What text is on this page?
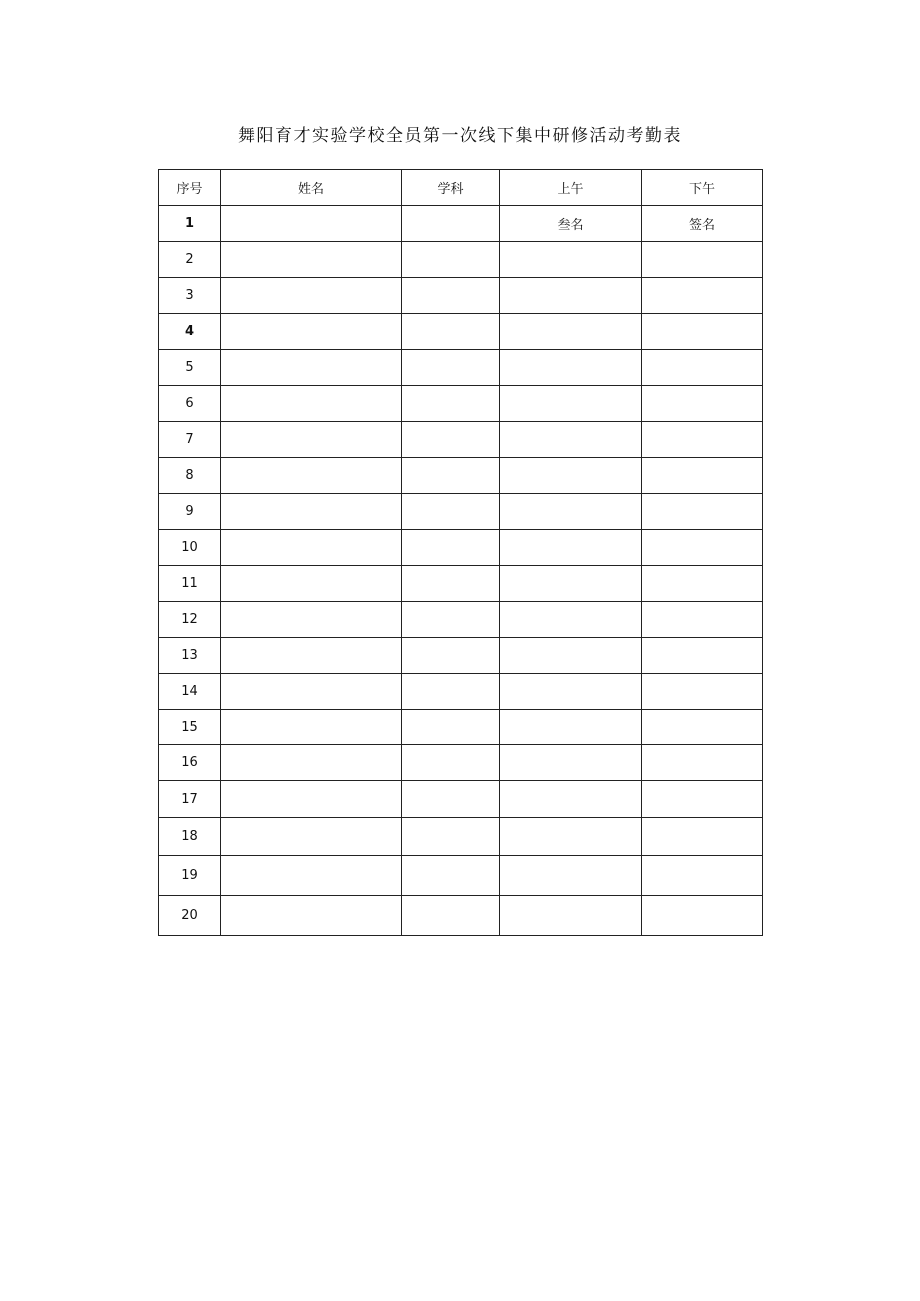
舞阳育才实验学校全员第一次线下集中研修活动考勤表
序号	姓名	学科	上午	下午
1			叁名	签名
2				
3				
4				
5				
6				
7				
8				
9				
10				
11				
12				
13				
14				
15				
16				
17				
18				
19				
20				
